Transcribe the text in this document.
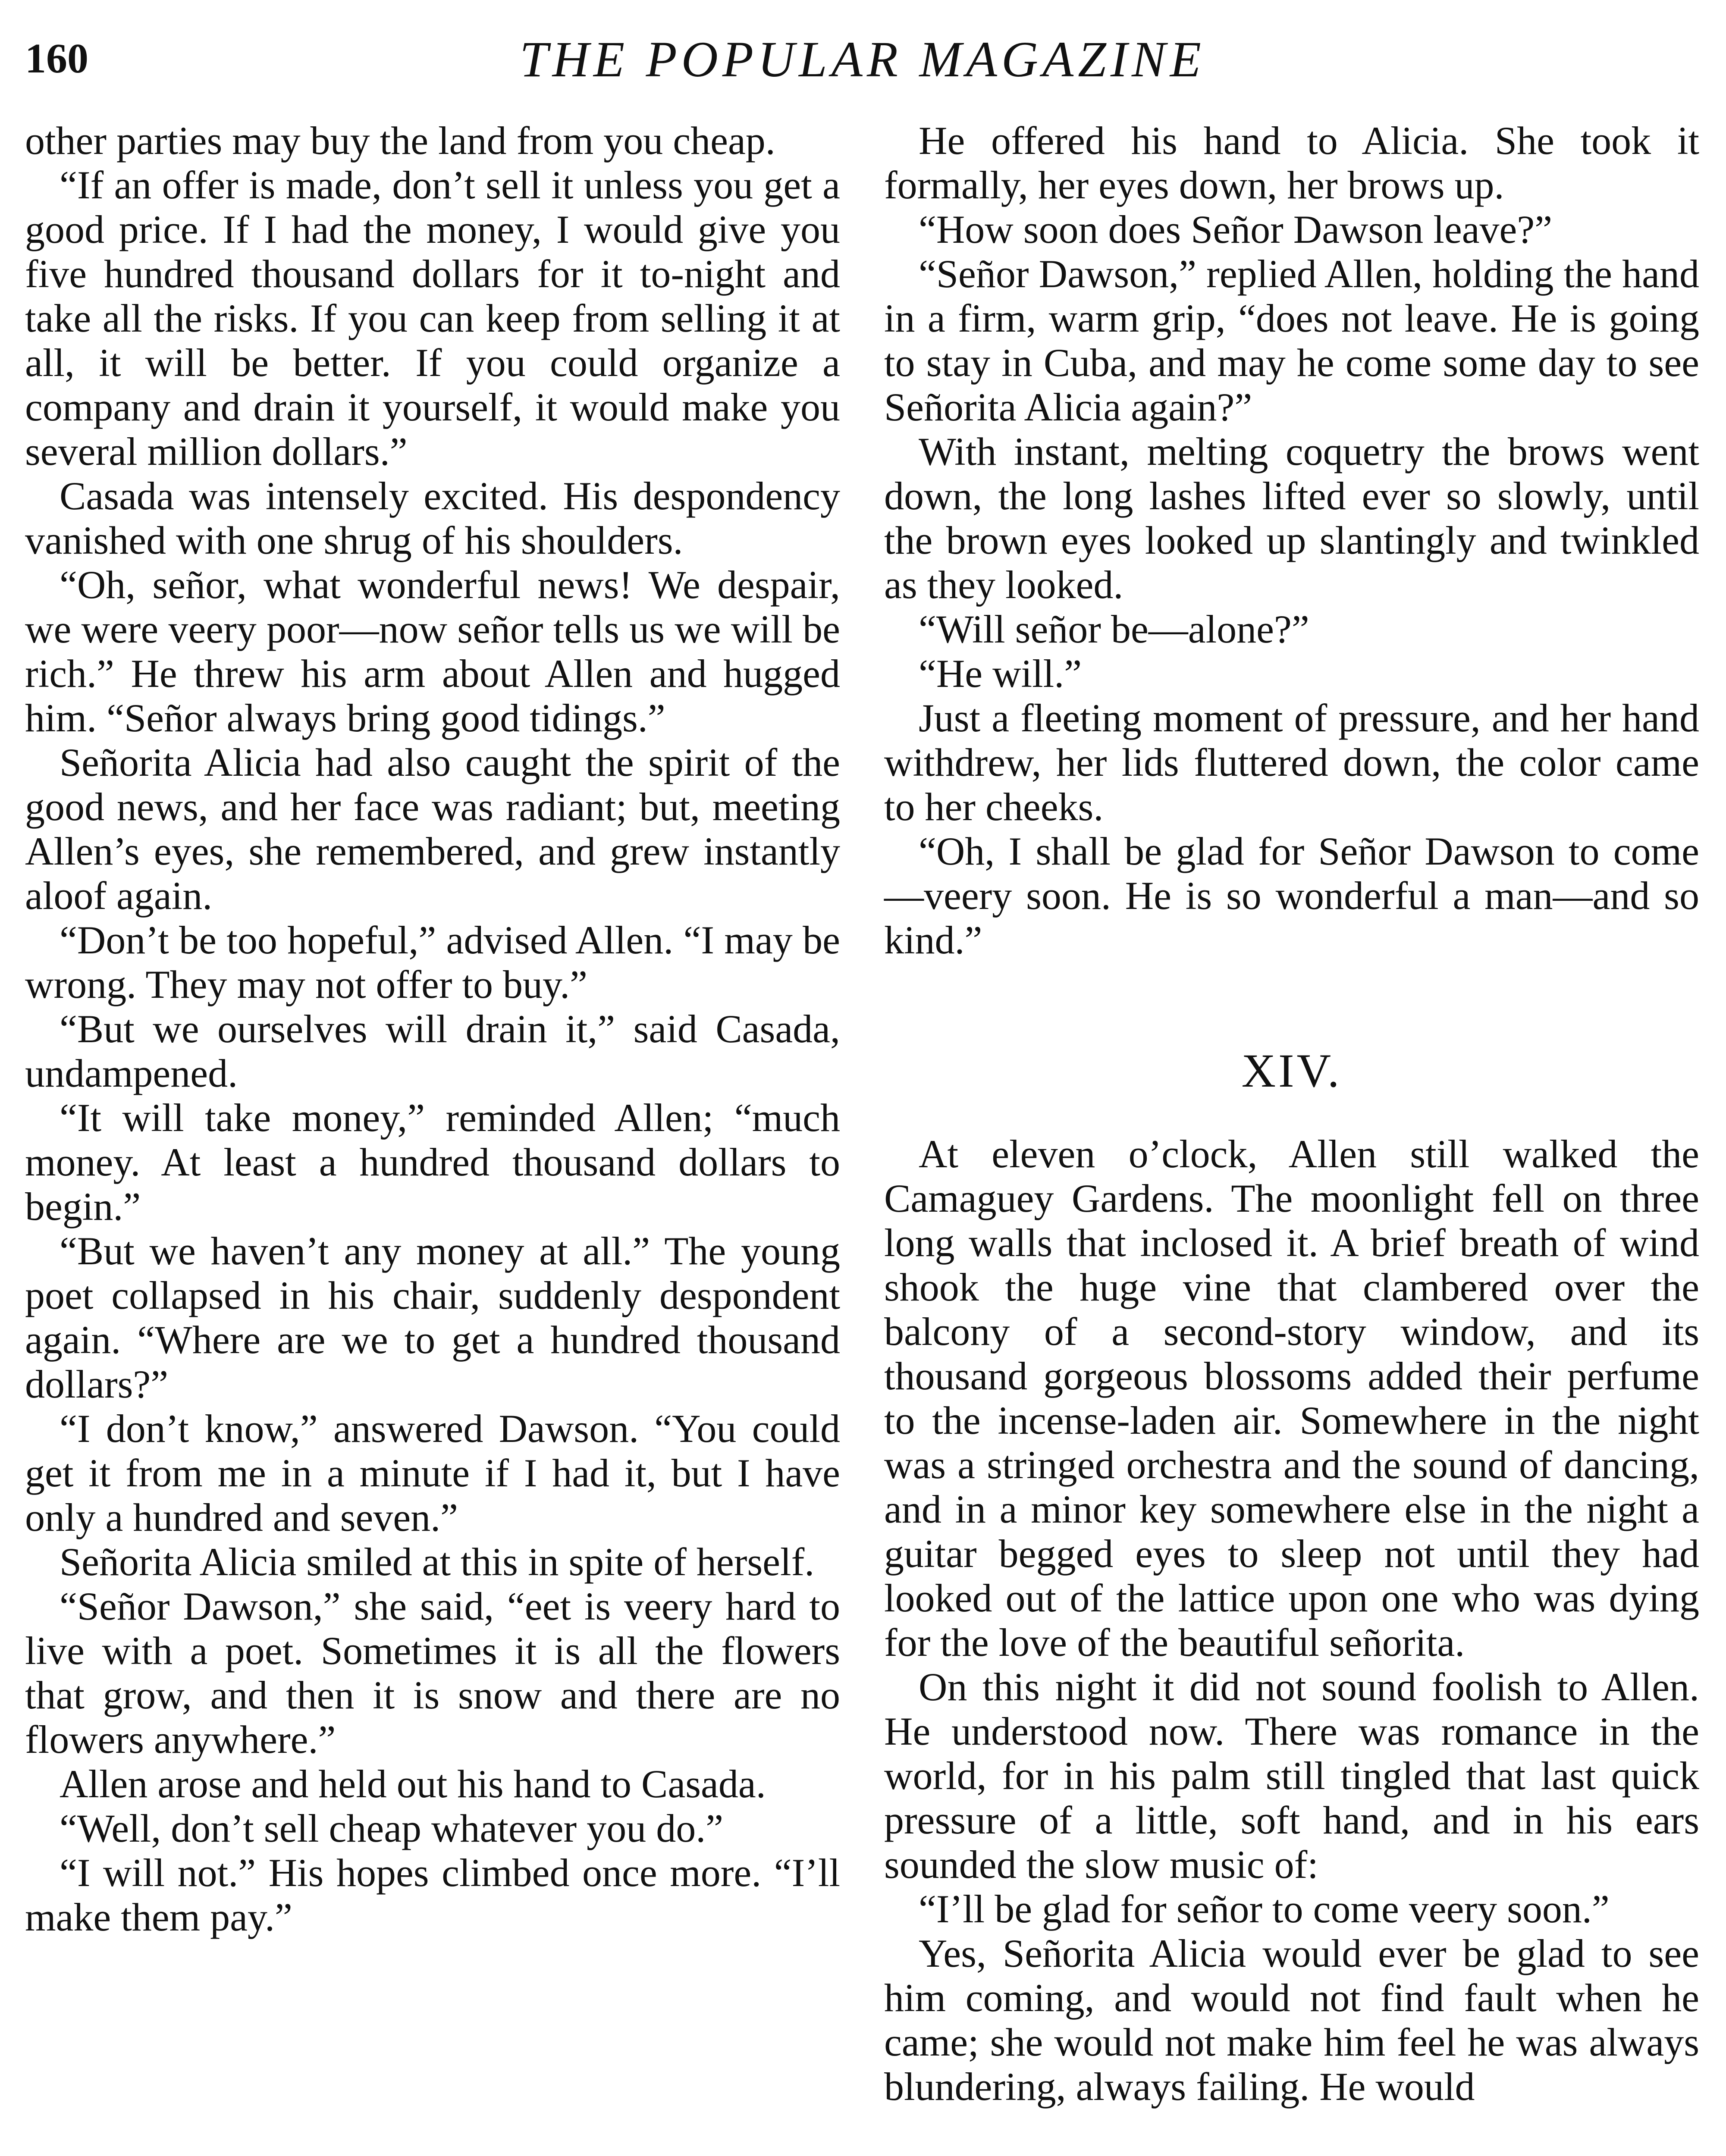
160	THE POPULAR MAGAZINE

other parties may buy the land from you cheap.

“If an offer is made, don’t sell it unless you get a good price. If I had the money, I would give you five hundred thousand dollars for it to-night and take all the risks. If you can keep from selling it at all, it will be better. If you could organize a company and drain it yourself, it would make you several million dollars.”

Casada was intensely excited. His despondency vanished with one shrug of his shoulders.

“Oh, señor, what wonderful news! We despair, we were veery poor—now señor tells us we will be rich.” He threw his arm about Allen and hugged him. “Señor always bring good tidings.”

Señorita Alicia had also caught the spirit of the good news, and her face was radiant; but, meeting Allen’s eyes, she remembered, and grew instantly aloof again.

“Don’t be too hopeful,” advised Allen. “I may be wrong. They may not offer to buy.”

“But we ourselves will drain it,” said Casada, undampened.

“It will take money,” reminded Allen; “much money. At least a hundred thousand dollars to begin.”

“But we haven’t any money at all.” The young poet collapsed in his chair, suddenly despondent again. “Where are we to get a hundred thousand dollars?”

“I don’t know,” answered Dawson. “You could get it from me in a minute if I had it, but I have only a hundred and seven.”

Señorita Alicia smiled at this in spite of herself.

“Señor Dawson,” she said, “eet is veery hard to live with a poet. Sometimes it is all the flowers that grow, and then it is snow and there are no flowers anywhere.”

Allen arose and held out his hand to Casada.

“Well, don’t sell cheap whatever you do.”

“I will not.” His hopes climbed once more. “I’ll make them pay.”

He offered his hand to Alicia. She took it formally, her eyes down, her brows up.

“How soon does Señor Dawson leave?”

“Señor Dawson,” replied Allen, holding the hand in a firm, warm grip, “does not leave. He is going to stay in Cuba, and may he come some day to see Señorita Alicia again?”

With instant, melting coquetry the brows went down, the long lashes lifted ever so slowly, until the brown eyes looked up slantingly and twinkled as they looked.

“Will señor be—alone?”

“He will.”

Just a fleeting moment of pressure, and her hand withdrew, her lids fluttered down, the color came to her cheeks.

“Oh, I shall be glad for Señor Dawson to come—veery soon. He is so wonderful a man—and so kind.”

XIV.

At eleven o’clock, Allen still walked the Camaguey Gardens. The moonlight fell on three long walls that inclosed it. A brief breath of wind shook the huge vine that clambered over the balcony of a second-story window, and its thousand gorgeous blossoms added their perfume to the incense-laden air. Somewhere in the night was a stringed orchestra and the sound of dancing, and in a minor key somewhere else in the night a guitar begged eyes to sleep not until they had looked out of the lattice upon one who was dying for the love of the beautiful señorita.

On this night it did not sound foolish to Allen. He understood now. There was romance in the world, for in his palm still tingled that last quick pressure of a little, soft hand, and in his ears sounded the slow music of:

“I’ll be glad for señor to come veery soon.”

Yes, Señorita Alicia would ever be glad to see him coming, and would not find fault when he came; she would not make him feel he was always blundering, always failing. He would
